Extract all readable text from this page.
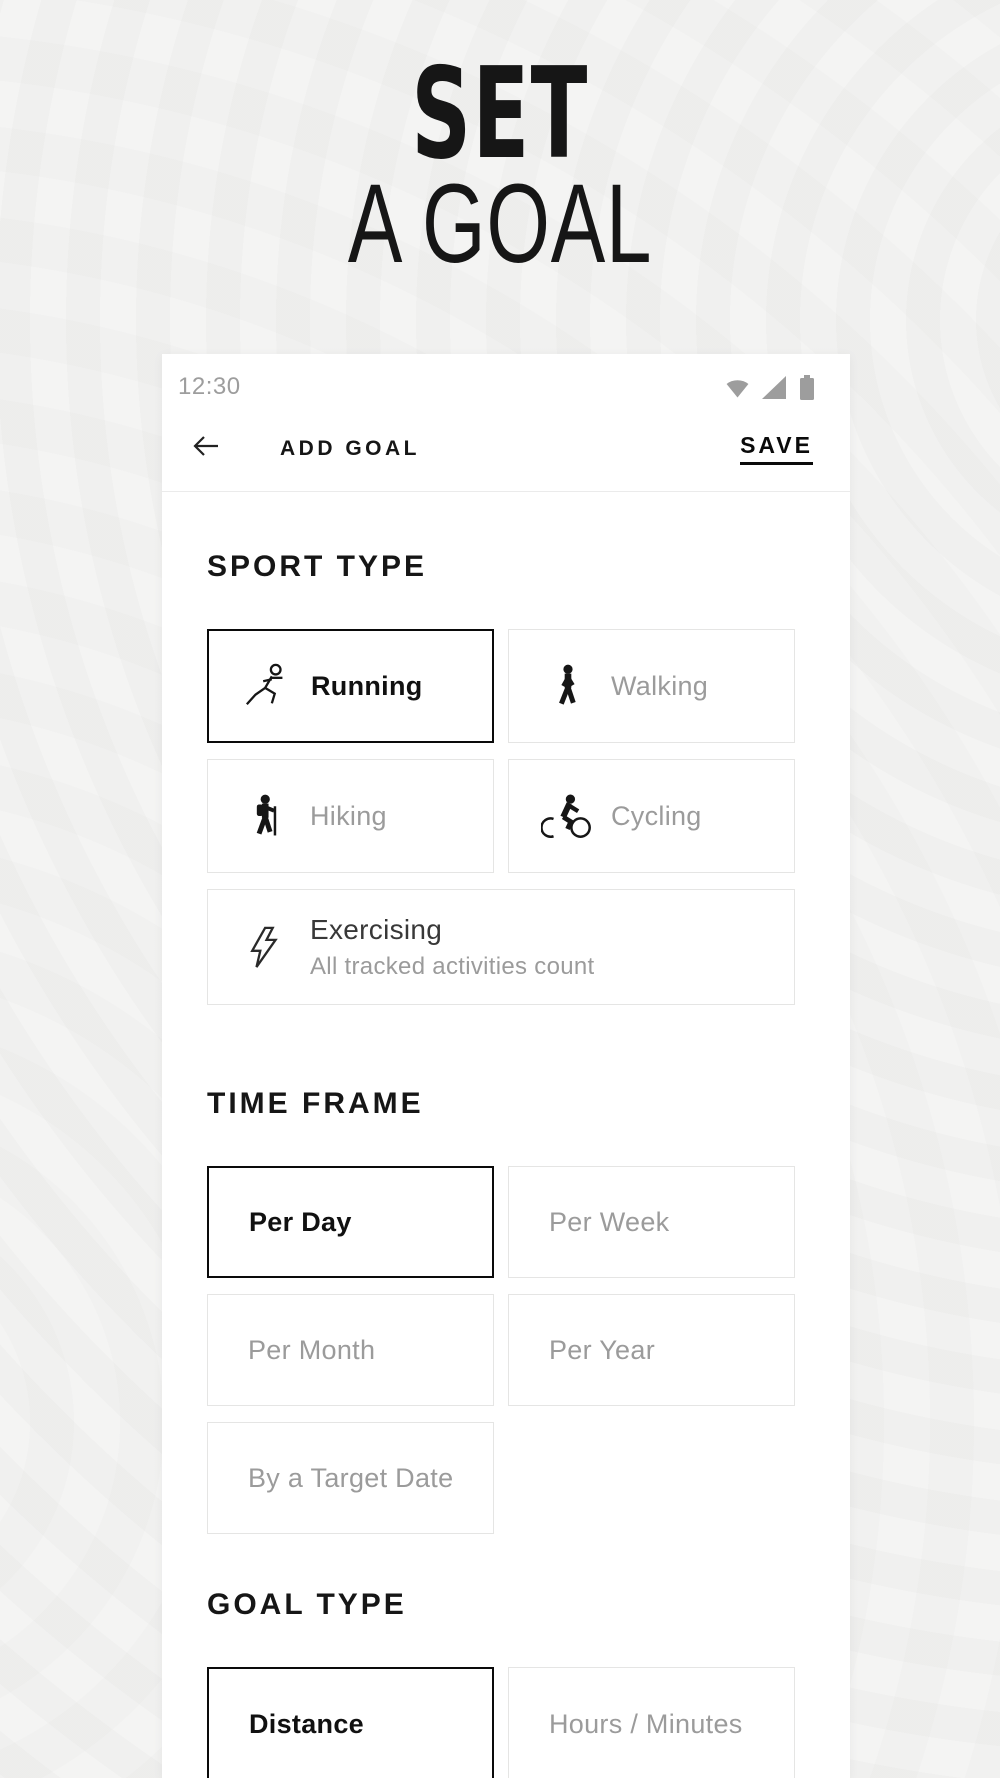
SET
A GOAL
12:30
ADD GOAL	SAVE
SPORT TYPE
Running	Walking
Hiking	Cycling
Exercising
All tracked activities count
TIME FRAME
Per Day	Per Week
Per Month	Per Year
By a Target Date
GOAL TYPE
Distance	Hours / Minutes
